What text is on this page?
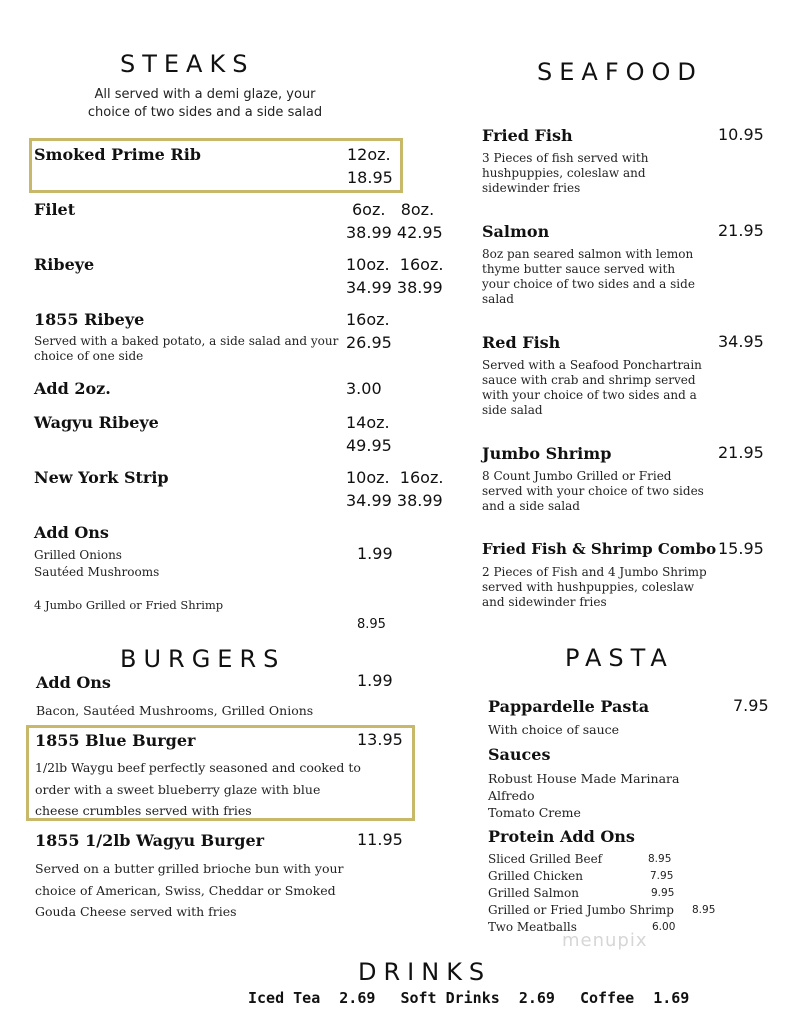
STEAKS
All served with a demi glaze, your
choice of two sides and a side salad
Smoked Prime Rib	12oz.
18.95
Filet	6oz.   8oz.
38.99 42.95
Ribeye	10oz.  16oz.
34.99 38.99
1855 Ribeye	16oz.
26.95
Served with a baked potato, a side salad and your
choice of one side
Add 2oz.	3.00
Wagyu Ribeye	14oz.
49.95
New York Strip	10oz.  16oz.
34.99 38.99
Add Ons
Grilled Onions
Sautéed Mushrooms
1.99
4 Jumbo Grilled or Fried Shrimp
8.95
BURGERS
Add Ons	1.99
Bacon, Sautéed Mushrooms, Grilled Onions
1855 Blue Burger	13.95
1/2lb Waygu beef perfectly seasoned and cooked to
order with a sweet blueberry glaze with blue
cheese crumbles served with fries
1855 1/2lb Wagyu Burger	11.95
Served on a butter grilled brioche bun with your
choice of American, Swiss, Cheddar or Smoked
Gouda Cheese served with fries
SEAFOOD
Fried Fish	10.95
3 Pieces of fish served with
hushpuppies, coleslaw and
sidewinder fries
Salmon	21.95
8oz pan seared salmon with lemon
thyme butter sauce served with
your choice of two sides and a side
salad
Red Fish	34.95
Served with a Seafood Ponchartrain
sauce with crab and shrimp served
with your choice of two sides and a
side salad
Jumbo Shrimp	21.95
8 Count Jumbo Grilled or Fried
served with your choice of two sides
and a side salad
Fried Fish & Shrimp Combo 15.95
2 Pieces of Fish and 4 Jumbo Shrimp
served with hushpuppies, coleslaw
and sidewinder fries
PASTA
Pappardelle Pasta	7.95
With choice of sauce
Sauces
Robust House Made Marinara
Alfredo
Tomato Creme
Protein Add Ons
Sliced Grilled Beef	8.95
Grilled Chicken	7.95
Grilled Salmon	9.95
Grilled or Fried Jumbo Shrimp 8.95
Two Meatballs	6.00
menupix
DRINKS
Iced Tea 2.69 Soft Drinks 2.69 Coffee 1.69
